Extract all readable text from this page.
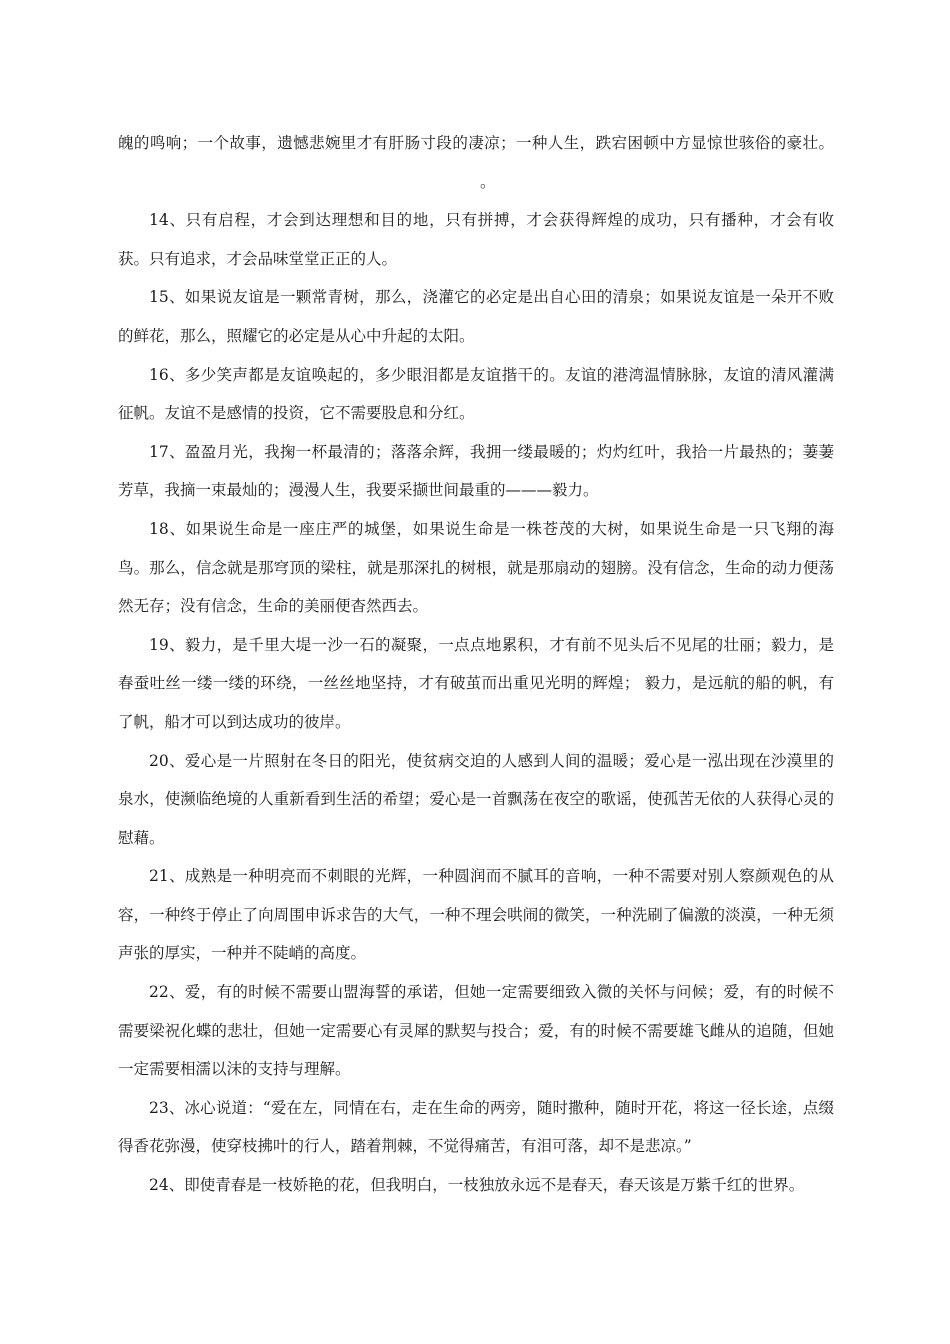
魄的鸣响；一个故事，遗憾悲婉里才有肝肠寸段的凄凉；一种人生，跌宕困顿中方显惊世骇俗的豪壮。。

14、只有启程，才会到达理想和目的地，只有拼搏，才会获得辉煌的成功，只有播种，才会有收获。只有追求，才会品味堂堂正正的人。

15、如果说友谊是一颗常青树，那么，浇灌它的必定是出自心田的清泉；如果说友谊是一朵开不败的鲜花，那么，照耀它的必定是从心中升起的太阳。

16、多少笑声都是友谊唤起的，多少眼泪都是友谊揩干的。友谊的港湾温情脉脉，友谊的清风灌满征帆。友谊不是感情的投资，它不需要股息和分红。

17、盈盈月光，我掬一杯最清的；落落余辉，我拥一缕最暖的；灼灼红叶，我拾一片最热的；萋萋芳草，我摘一束最灿的；漫漫人生，我要采撷世间最重的———毅力。

18、如果说生命是一座庄严的城堡，如果说生命是一株苍茂的大树，如果说生命是一只飞翔的海鸟。那么，信念就是那穹顶的梁柱，就是那深扎的树根，就是那扇动的翅膀。没有信念，生命的动力便荡然无存；没有信念，生命的美丽便杳然西去。

19、毅力，是千里大堤一沙一石的凝聚，一点点地累积，才有前不见头后不见尾的壮丽；毅力，是春蚕吐丝一缕一缕的环绕，一丝丝地坚持，才有破茧而出重见光明的辉煌； 毅力，是远航的船的帆，有了帆，船才可以到达成功的彼岸。

20、爱心是一片照射在冬日的阳光，使贫病交迫的人感到人间的温暖；爱心是一泓出现在沙漠里的泉水，使濒临绝境的人重新看到生活的希望；爱心是一首飘荡在夜空的歌谣，使孤苦无依的人获得心灵的慰藉。

21、成熟是一种明亮而不刺眼的光辉，一种圆润而不腻耳的音响，一种不需要对别人察颜观色的从容，一种终于停止了向周围申诉求告的大气，一种不理会哄闹的微笑，一种洗刷了偏激的淡漠，一种无须声张的厚实，一种并不陡峭的高度。

22、爱，有的时候不需要山盟海誓的承诺，但她一定需要细致入微的关怀与问候；爱，有的时候不需要梁祝化蝶的悲壮，但她一定需要心有灵犀的默契与投合；爱，有的时候不需要雄飞雌从的追随，但她一定需要相濡以沫的支持与理解。

23、冰心说道：“爱在左，同情在右，走在生命的两旁，随时撒种，随时开花，将这一径长途，点缀得香花弥漫，使穿枝拂叶的行人，踏着荆棘，不觉得痛苦，有泪可落，却不是悲凉。”

24、即使青春是一枝娇艳的花，但我明白，一枝独放永远不是春天，春天该是万紫千红的世界。
